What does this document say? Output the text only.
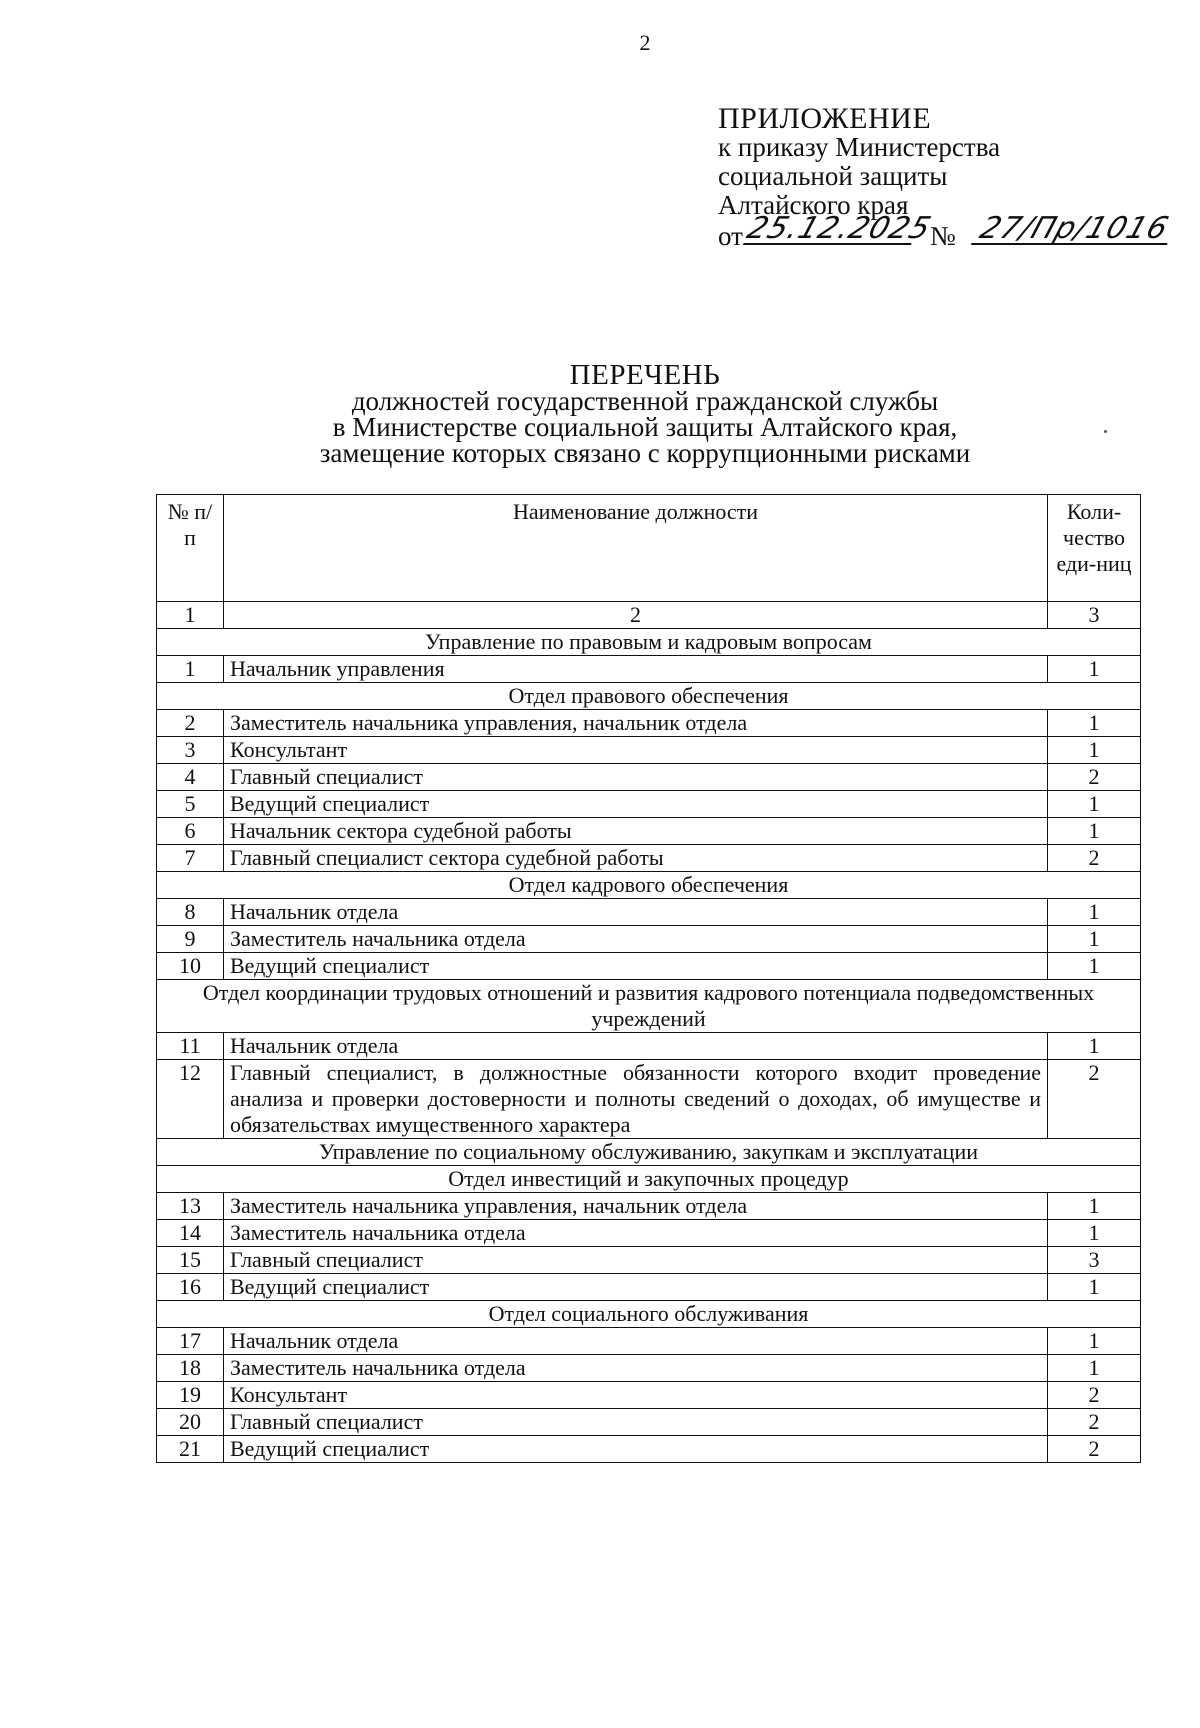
2
ПРИЛОЖЕНИЕ
к приказу Министерства
социальной защиты
Алтайского края
от 25.12.2025
№ 27/Пр/1016
ПЕРЕЧЕНЬ
должностей государственной гражданской службы
в Министерстве социальной защиты Алтайского края,
замещение которых связано с коррупционными рисками
№ п/п	Наименование должности	Коли-чество еди-ниц
1	2	3
Управление по правовым и кадровым вопросам		
1	Начальник управления	1
Отдел правового обеспечения		
2	Заместитель начальника управления, начальник отдела	1
3	Консультант	1
4	Главный специалист	2
5	Ведущий специалист	1
6	Начальник сектора судебной работы	1
7	Главный специалист сектора судебной работы	2
Отдел кадрового обеспечения		
8	Начальник отдела	1
9	Заместитель начальника отдела	1
10	Ведущий специалист	1
Отдел координации трудовых отношений и развития кадрового потенциала подведомственных учреждений		
11	Начальник отдела	1
12	Главный специалист, в должностные обязанности которого входит проведение анализа и проверки достоверности и полноты сведений о доходах, об имуществе и обязательствах имущественного характера	2
Управление по социальному обслуживанию, закупкам и эксплуатации		
Отдел инвестиций и закупочных процедур		
13	Заместитель начальника управления, начальник отдела	1
14	Заместитель начальника отдела	1
15	Главный специалист	3
16	Ведущий специалист	1
Отдел социального обслуживания		
17	Начальник отдела	1
18	Заместитель начальника отдела	1
19	Консультант	2
20	Главный специалист	2
21	Ведущий специалист	2
